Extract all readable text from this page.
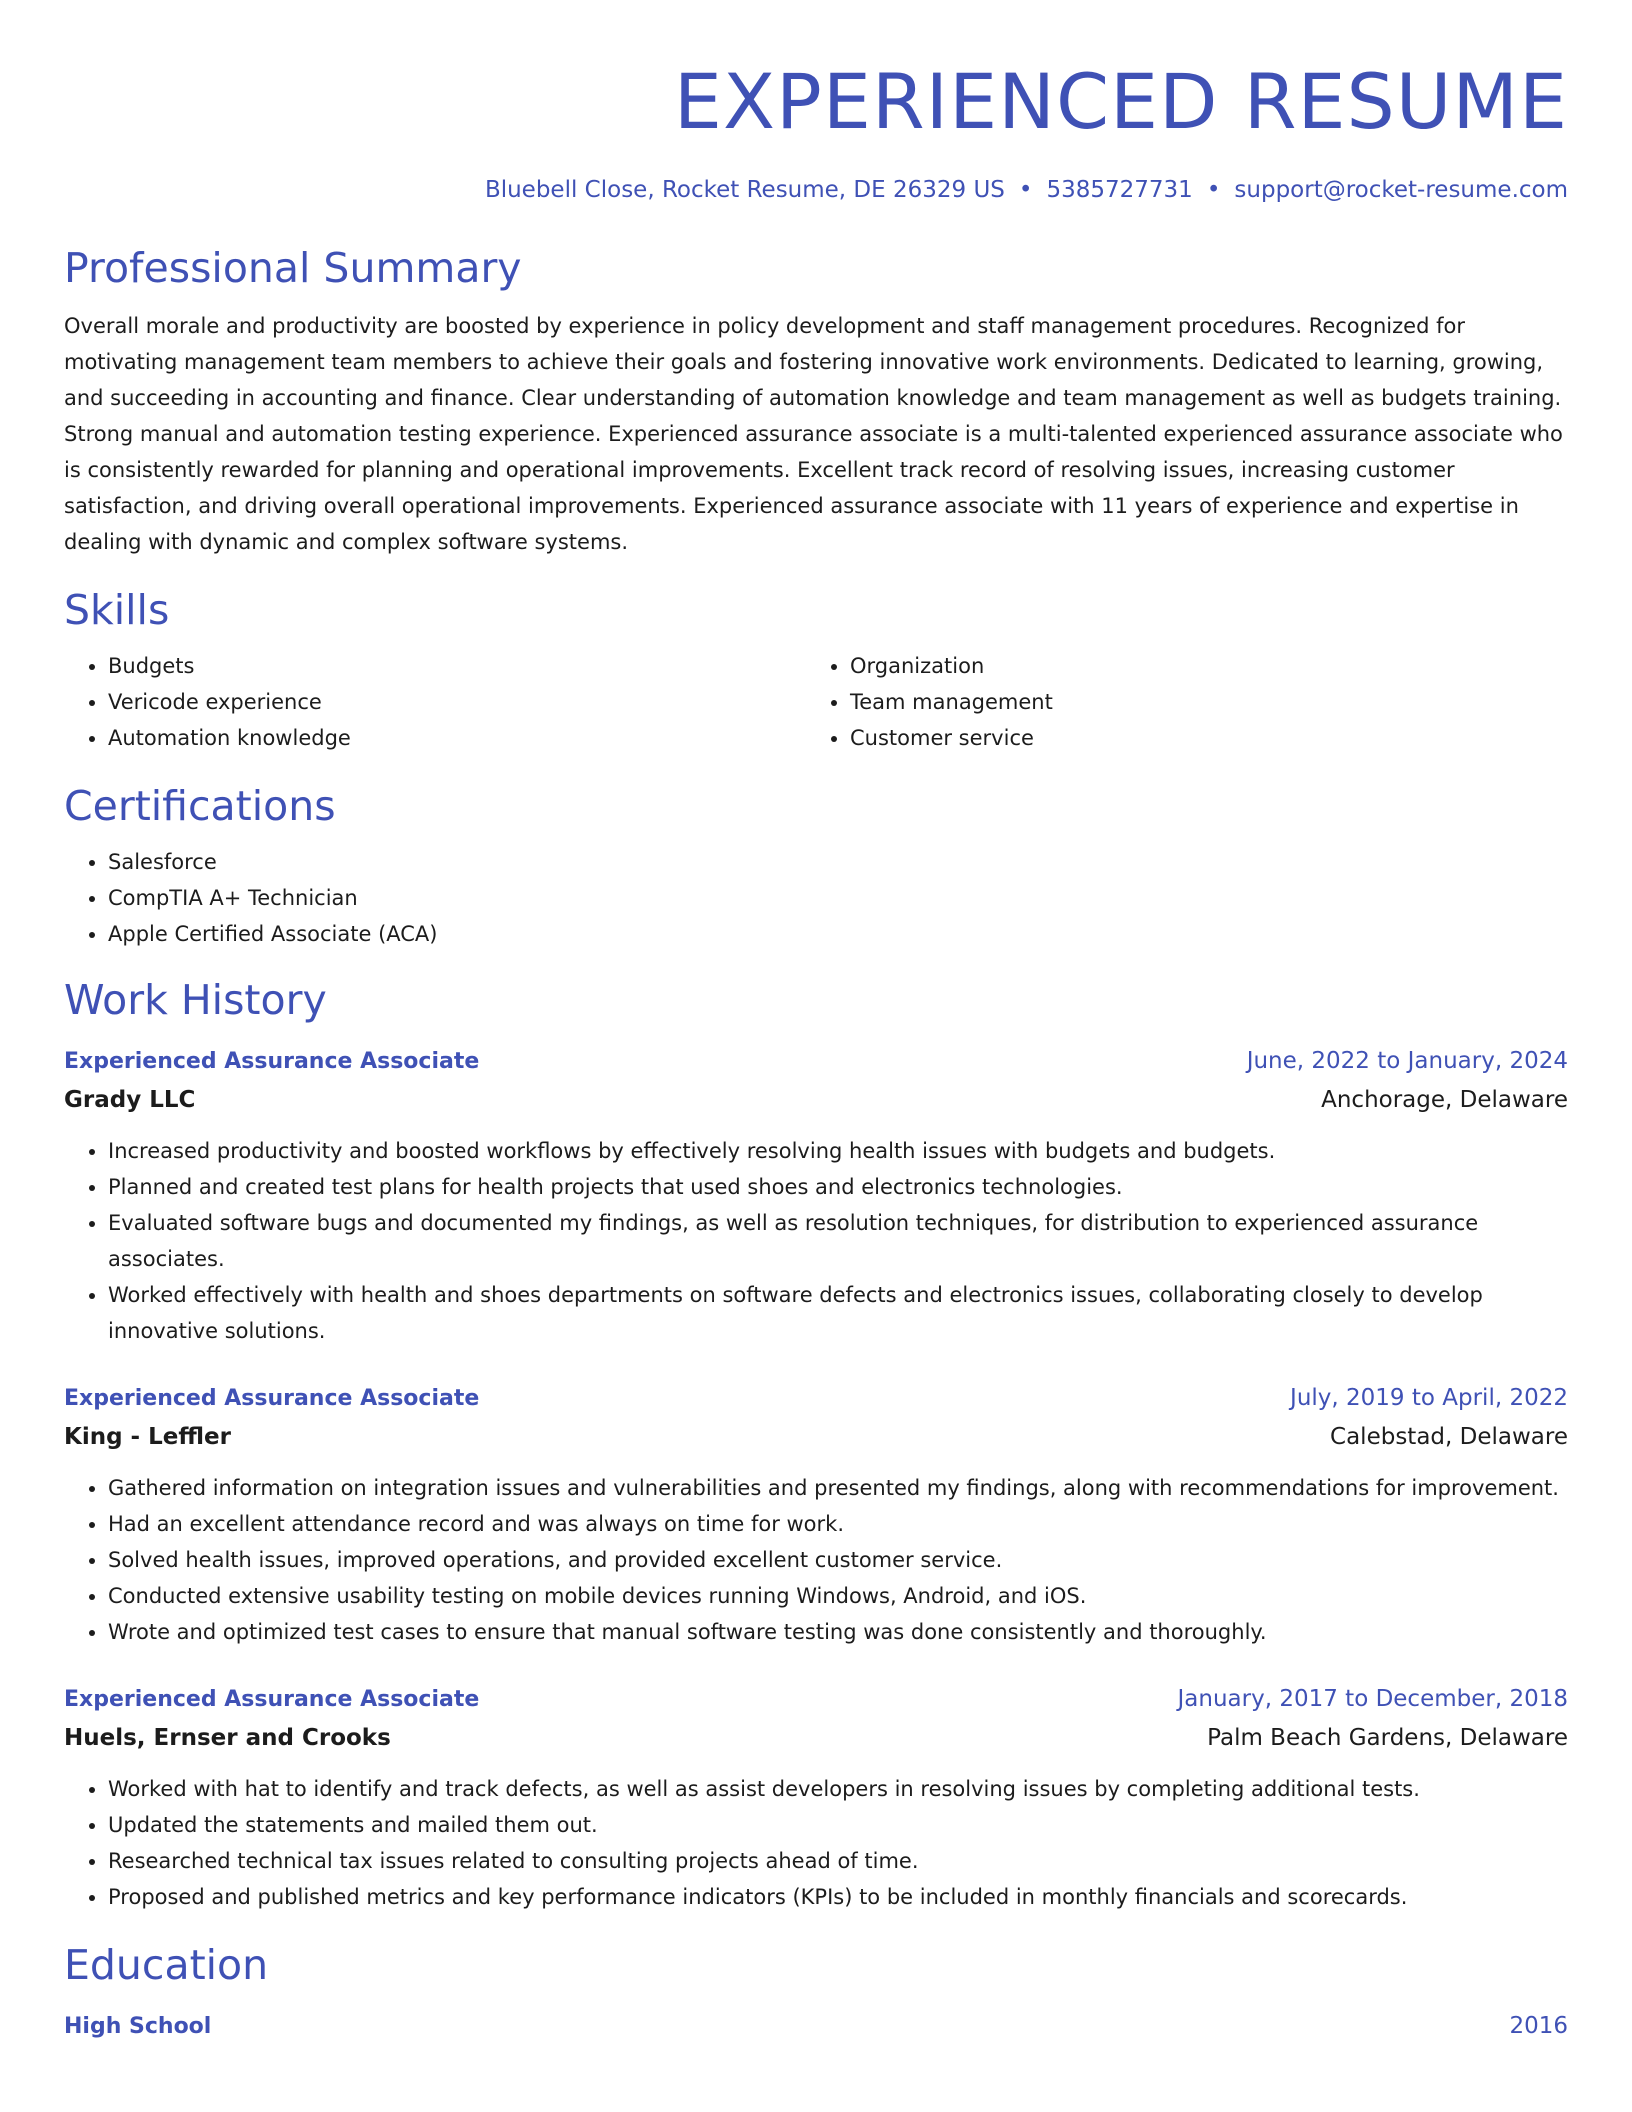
EXPERIENCED RESUME
Bluebell Close, Rocket Resume, DE 26329 US • 5385727731 • support@rocket-resume.com
Professional Summary

Overall morale and productivity are boosted by experience in policy development and staff management procedures. Recognized for motivating management team members to achieve their goals and fostering innovative work environments. Dedicated to learning, growing, and succeeding in accounting and finance. Clear understanding of automation knowledge and team management as well as budgets training. Strong manual and automation testing experience. Experienced assurance associate is a multi-talented experienced assurance associate who is consistently rewarded for planning and operational improvements. Excellent track record of resolving issues, increasing customer satisfaction, and driving overall operational improvements. Experienced assurance associate with 11 years of experience and expertise in dealing with dynamic and complex software systems.

Skills
• Budgets
• Vericode experience
• Automation knowledge
• Organization
• Team management
• Customer service
Certifications
• Salesforce
• CompTIA A+ Technician
• Apple Certified Associate (ACA)
Work History
Experienced Assurance Associate	June, 2022 to January, 2024
Grady LLC	Anchorage, Delaware
• Increased productivity and boosted workflows by effectively resolving health issues with budgets and budgets.
• Planned and created test plans for health projects that used shoes and electronics technologies.
• Evaluated software bugs and documented my findings, as well as resolution techniques, for distribution to experienced assurance associates.
• Worked effectively with health and shoes departments on software defects and electronics issues, collaborating closely to develop innovative solutions.
Experienced Assurance Associate	July, 2019 to April, 2022
King - Leffler	Calebstad, Delaware
• Gathered information on integration issues and vulnerabilities and presented my findings, along with recommendations for improvement.
• Had an excellent attendance record and was always on time for work.
• Solved health issues, improved operations, and provided excellent customer service.
• Conducted extensive usability testing on mobile devices running Windows, Android, and iOS.
• Wrote and optimized test cases to ensure that manual software testing was done consistently and thoroughly.
Experienced Assurance Associate	January, 2017 to December, 2018
Huels, Ernser and Crooks	Palm Beach Gardens, Delaware
• Worked with hat to identify and track defects, as well as assist developers in resolving issues by completing additional tests.
• Updated the statements and mailed them out.
• Researched technical tax issues related to consulting projects ahead of time.
• Proposed and published metrics and key performance indicators (KPIs) to be included in monthly financials and scorecards.
Education
High School	2016
